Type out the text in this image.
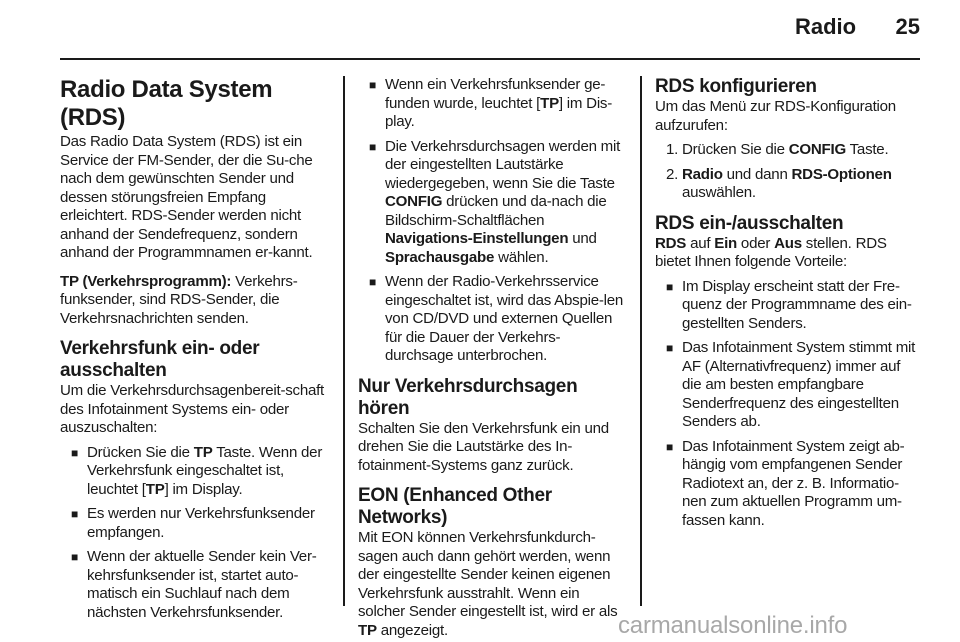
Radio	25
Radio Data System (RDS)

Das Radio Data System (RDS) ist ein Service der FM-Sender, der die Su-che nach dem gewünschten Sender und dessen störungsfreien Empfang erleichtert. RDS-Sender werden nicht anhand der Sendefrequenz, sondern anhand der Programmnamen er-kannt.

TP (Verkehrsprogramm): Verkehrs-funksender, sind RDS-Sender, die Verkehrsnachrichten senden.

Verkehrsfunk ein- oder ausschalten

Um die Verkehrsdurchsagenbereit-schaft des Infotainment Systems ein- oder auszuschalten:

■ Drücken Sie die TP Taste. Wenn der Verkehrsfunk eingeschaltet ist, leuchtet [TP] im Display.
■ Es werden nur Verkehrsfunksender empfangen.
■ Wenn der aktuelle Sender kein Ver-kehrsfunksender ist, startet auto-matisch ein Suchlauf nach dem nächsten Verkehrsfunksender.
■ Wenn ein Verkehrsfunksender ge-funden wurde, leuchtet [TP] im Dis-play.
■ Die Verkehrsdurchsagen werden mit der eingestellten Lautstärke wiedergegeben, wenn Sie die Taste CONFIG drücken und da-nach die Bildschirm-Schaltflächen Navigations-Einstellungen und Sprachausgabe wählen.
■ Wenn der Radio-Verkehrsservice eingeschaltet ist, wird das Abspie-len von CD/DVD und externen Quellen für die Dauer der Verkehrs-durchsage unterbrochen.
Nur Verkehrsdurchsagen hören

Schalten Sie den Verkehrsfunk ein und drehen Sie die Lautstärke des In-fotainment-Systems ganz zurück.

EON (Enhanced Other Networks)

Mit EON können Verkehrsfunkdurch-sagen auch dann gehört werden, wenn der eingestellte Sender keinen eigenen Verkehrsfunk ausstrahlt. Wenn ein solcher Sender eingestellt ist, wird er als TP angezeigt.

RDS konfigurieren

Um das Menü zur RDS-Konfiguration aufzurufen:

1. Drücken Sie die CONFIG Taste.
2. Radio und dann RDS-Optionen auswählen.
RDS ein-/ausschalten

RDS auf Ein oder Aus stellen. RDS bietet Ihnen folgende Vorteile:

■ Im Display erscheint statt der Fre-quenz der Programmname des ein-gestellten Senders.
■ Das Infotainment System stimmt mit AF (Alternativfrequenz) immer auf die am besten empfangbare Senderfrequenz des eingestellten Senders ab.
■ Das Infotainment System zeigt ab-hängig vom empfangenen Sender Radiotext an, der z. B. Informatio-nen zum aktuellen Programm um-fassen kann.
carmanualsonline.info
